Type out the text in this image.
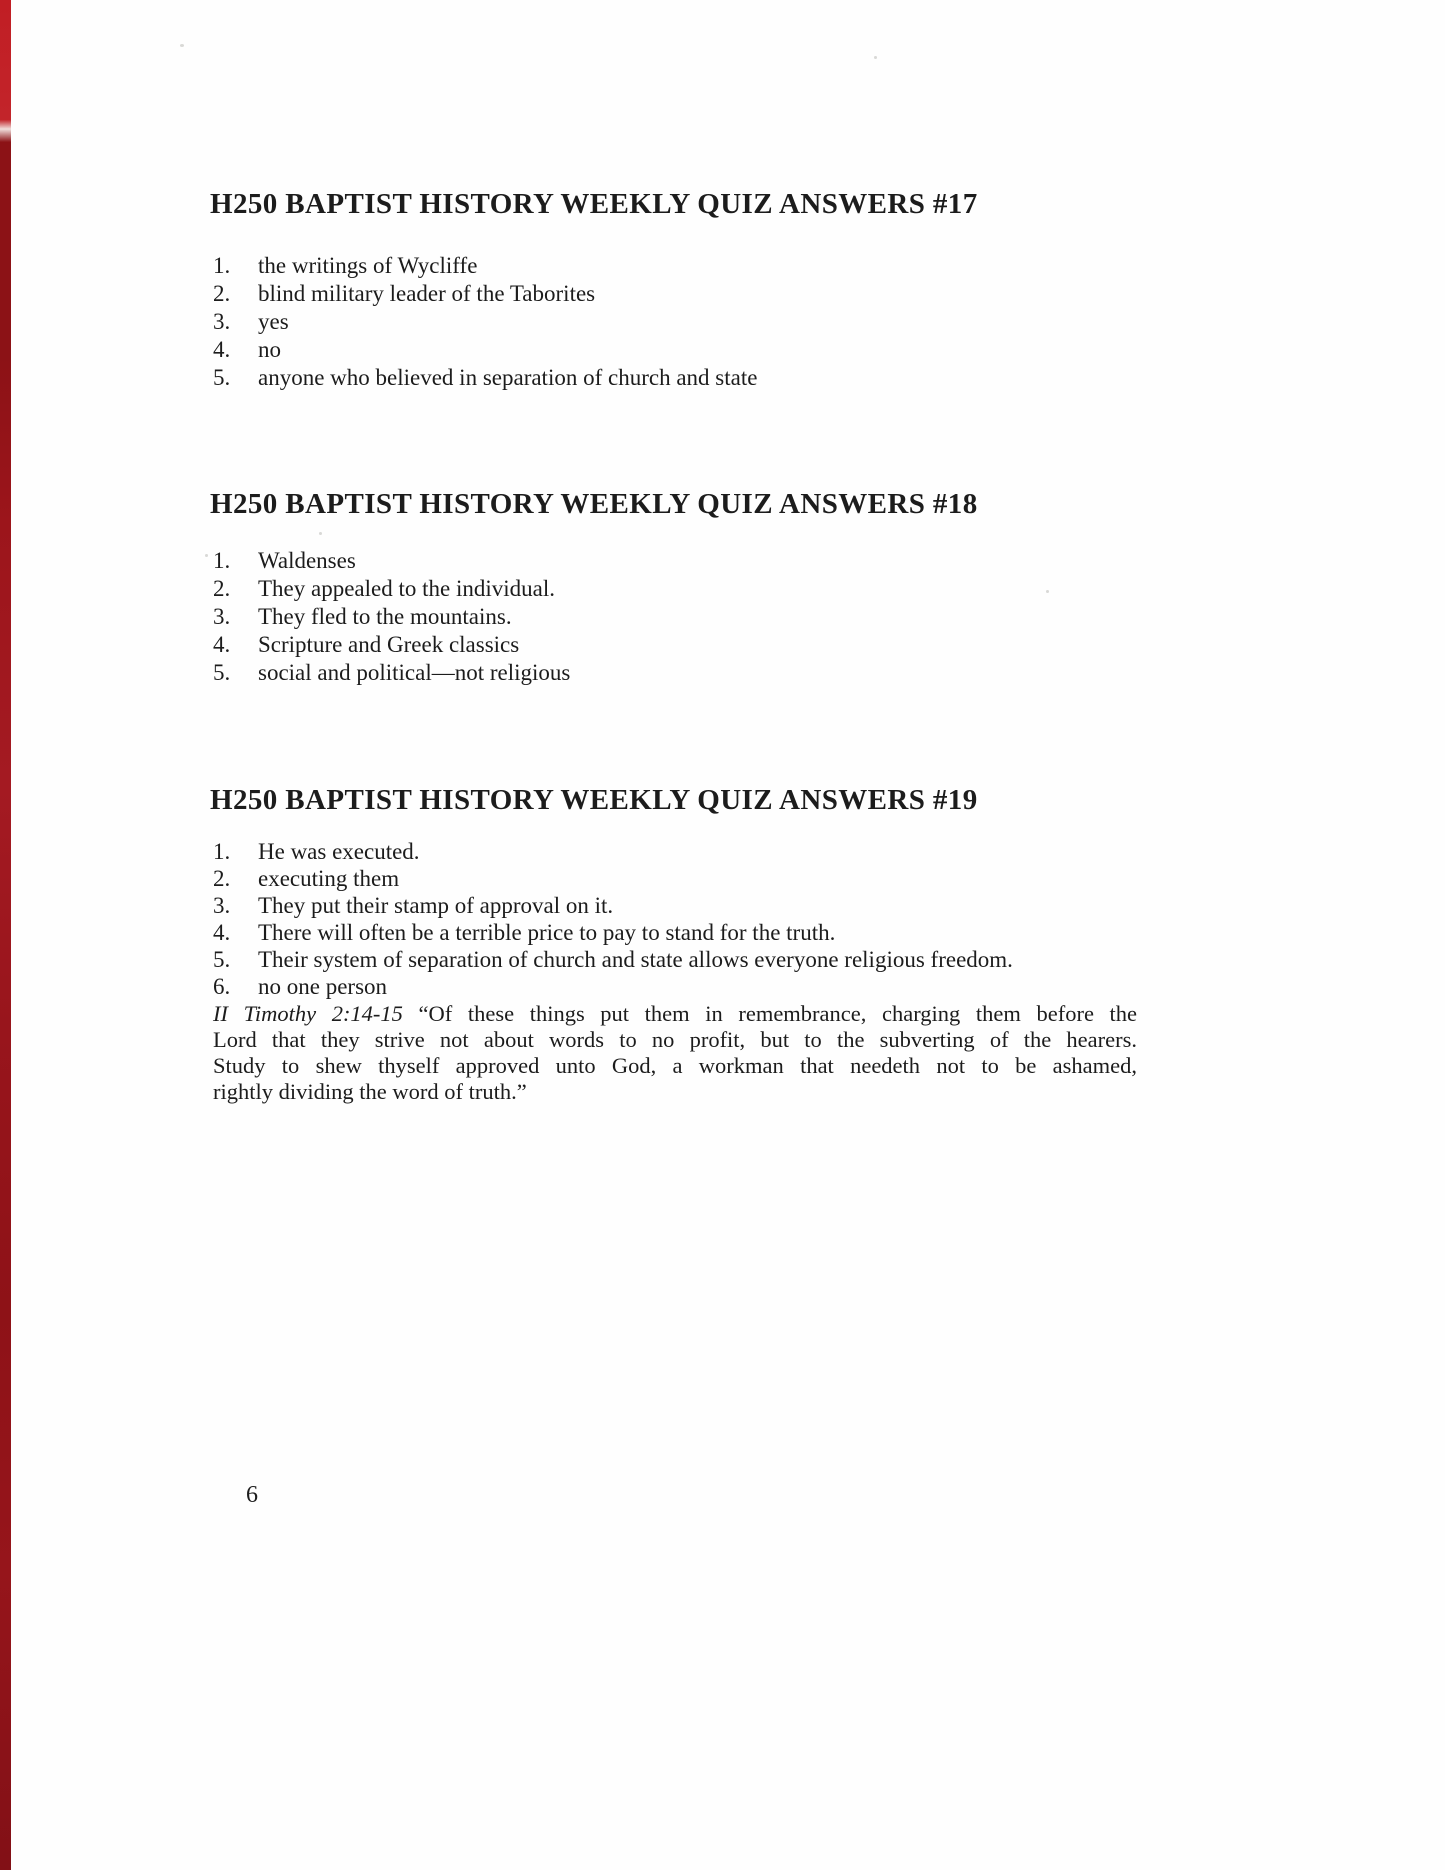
H250 BAPTIST HISTORY WEEKLY QUIZ ANSWERS #17
1. the writings of Wycliffe
2. blind military leader of the Taborites
3. yes
4. no
5. anyone who believed in separation of church and state
H250 BAPTIST HISTORY WEEKLY QUIZ ANSWERS #18
1. Waldenses
2. They appealed to the individual.
3. They fled to the mountains.
4. Scripture and Greek classics
5. social and political—not religious
H250 BAPTIST HISTORY WEEKLY QUIZ ANSWERS #19
1. He was executed.
2. executing them
3. They put their stamp of approval on it.
4. There will often be a terrible price to pay to stand for the truth.
5. Their system of separation of church and state allows everyone religious freedom.
6. no one person
II Timothy 2:14-15 “Of these things put them in remembrance, charging them before the
Lord that they strive not about words to no profit, but to the subverting of the hearers.
Study to shew thyself approved unto God, a workman that needeth not to be ashamed,
rightly dividing the word of truth.”
6
